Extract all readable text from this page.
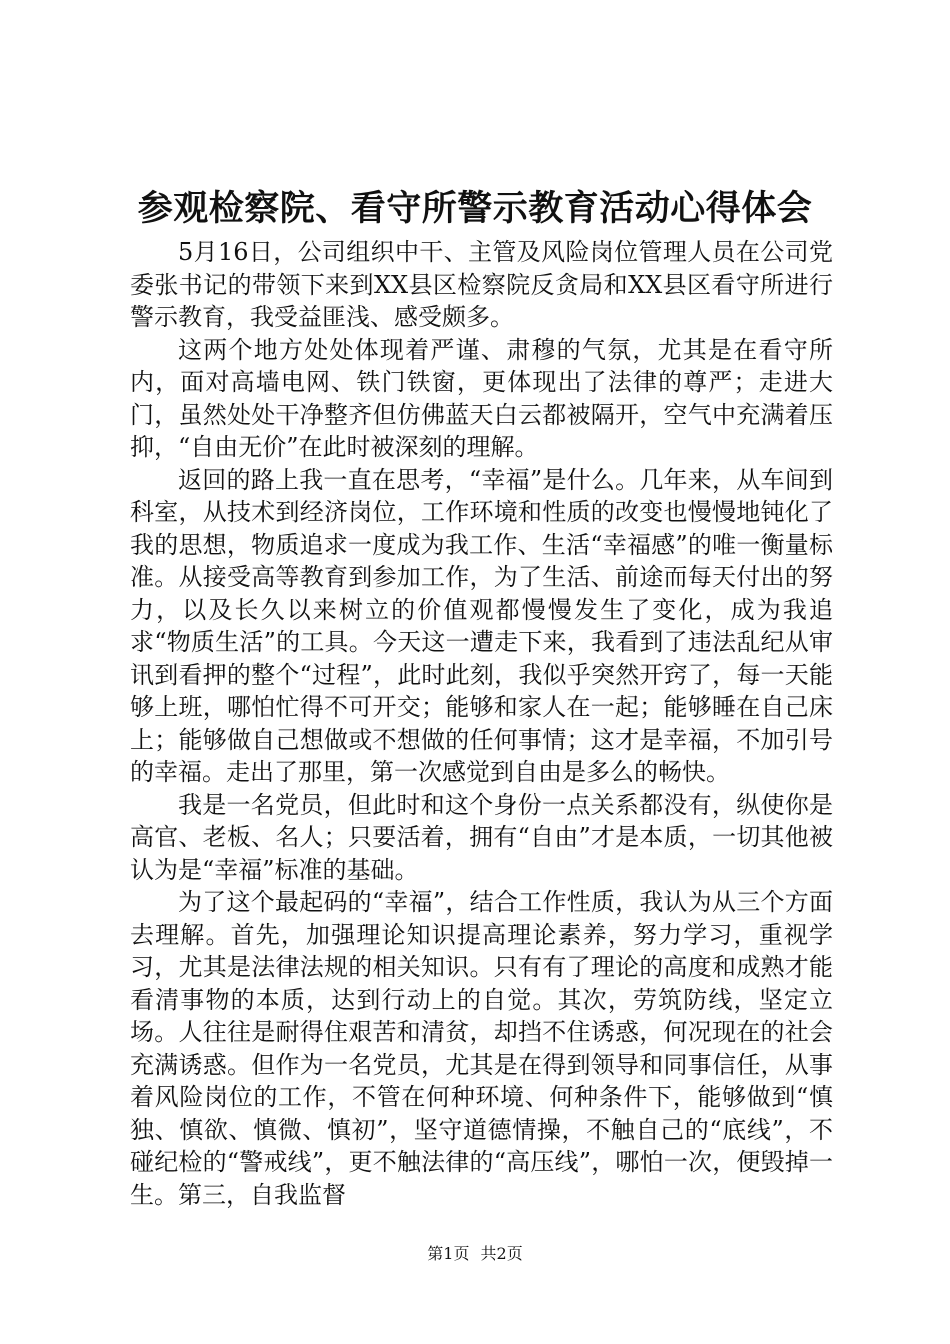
参观检察院、看守所警示教育活动心得体会

5月16日，公司组织中干、主管及风险岗位管理人员在公司党委张书记的带领下来到XX县区检察院反贪局和XX县区看守所进行警示教育，我受益匪浅、感受颇多。

这两个地方处处体现着严谨、肃穆的气氛，尤其是在看守所内，面对高墙电网、铁门铁窗，更体现出了法律的尊严；走进大门，虽然处处干净整齐但仿佛蓝天白云都被隔开，空气中充满着压抑，“自由无价”在此时被深刻的理解。

返回的路上我一直在思考，“幸福”是什么。几年来，从车间到科室，从技术到经济岗位，工作环境和性质的改变也慢慢地钝化了我的思想，物质追求一度成为我工作、生活“幸福感”的唯一衡量标准。从接受高等教育到参加工作，为了生活、前途而每天付出的努力，以及长久以来树立的价值观都慢慢发生了变化，成为我追求“物质生活”的工具。今天这一遭走下来，我看到了违法乱纪从审讯到看押的整个“过程”，此时此刻，我似乎突然开窍了，每一天能够上班，哪怕忙得不可开交；能够和家人在一起；能够睡在自己床上；能够做自己想做或不想做的任何事情；这才是幸福，不加引号的幸福。走出了那里，第一次感觉到自由是多么的畅快。

我是一名党员，但此时和这个身份一点关系都没有，纵使你是高官、老板、名人；只要活着，拥有“自由”才是本质，一切其他被认为是“幸福”标准的基础。

为了这个最起码的“幸福”，结合工作性质，我认为从三个方面去理解。首先，加强理论知识提高理论素养，努力学习，重视学习，尤其是法律法规的相关知识。只有有了理论的高度和成熟才能看清事物的本质，达到行动上的自觉。其次，劳筑防线，坚定立场。人往往是耐得住艰苦和清贫，却挡不住诱惑，何况现在的社会充满诱惑。但作为一名党员，尤其是在得到领导和同事信任，从事着风险岗位的工作，不管在何种环境、何种条件下，能够做到“慎独、慎欲、慎微、慎初”，坚守道德情操，不触自己的“底线”，不碰纪检的“警戒线”，更不触法律的“高压线”，哪怕一次，便毁掉一生。第三，自我监督

第1页 共2页
